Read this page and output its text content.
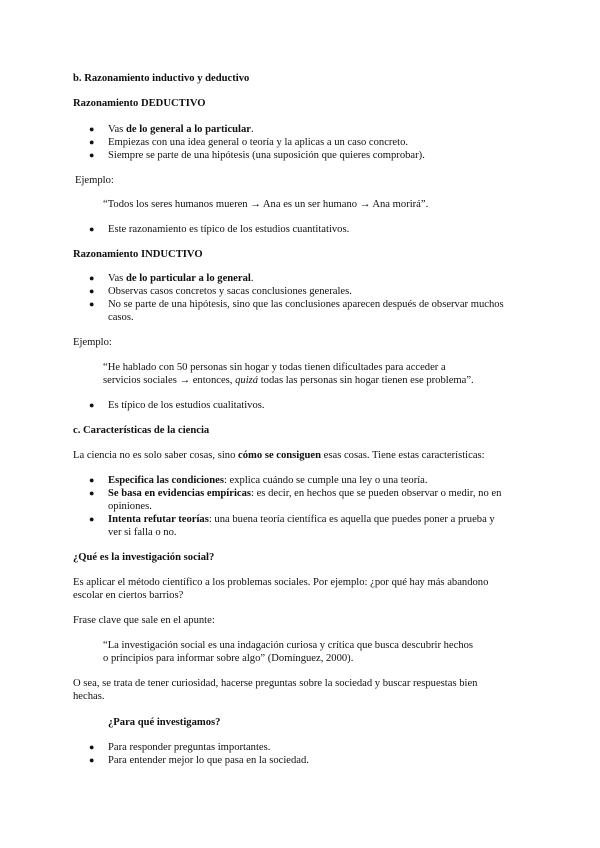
b. Razonamiento inductivo y deductivo
Razonamiento DEDUCTIVO
● Vas de lo general a lo particular.
● Empiezas con una idea general o teoría y la aplicas a un caso concreto.
● Siempre se parte de una hipótesis (una suposición que quieres comprobar).
Ejemplo:
“Todos los seres humanos mueren → Ana es un ser humano → Ana morirá”.
● Este razonamiento es típico de los estudios cuantitativos.
Razonamiento INDUCTIVO
● Vas de lo particular a lo general.
● Observas casos concretos y sacas conclusiones generales.
● No se parte de una hipótesis, sino que las conclusiones aparecen después de observar muchos
casos.
Ejemplo:
“He hablado con 50 personas sin hogar y todas tienen dificultades para acceder a
servicios sociales → entonces, quizá todas las personas sin hogar tienen ese problema”.
● Es típico de los estudios cualitativos.
c. Características de la ciencia
La ciencia no es solo saber cosas, sino cómo se consiguen esas cosas. Tiene estas características:
● Especifica las condiciones: explica cuándo se cumple una ley o una teoría.
● Se basa en evidencias empíricas: es decir, en hechos que se pueden observar o medir, no en
opiniones.
● Intenta refutar teorías: una buena teoría científica es aquella que puedes poner a prueba y
ver si falla o no.
¿Qué es la investigación social?
Es aplicar el método científico a los problemas sociales. Por ejemplo: ¿por qué hay más abandono
escolar en ciertos barrios?
Frase clave que sale en el apunte:
“La investigación social es una indagación curiosa y crítica que busca descubrir hechos
o principios para informar sobre algo” (Domínguez, 2000).
O sea, se trata de tener curiosidad, hacerse preguntas sobre la sociedad y buscar respuestas bien
hechas.
¿Para qué investigamos?
● Para responder preguntas importantes.
● Para entender mejor lo que pasa en la sociedad.
